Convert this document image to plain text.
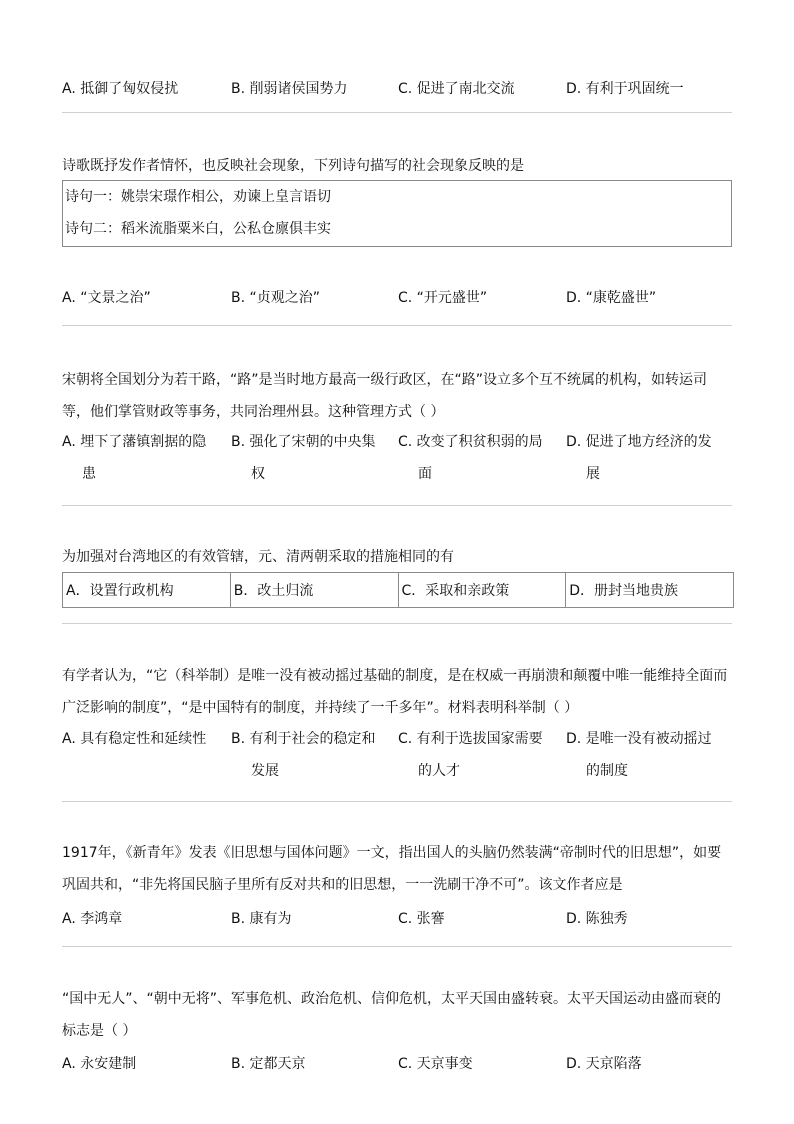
A. 抵御了匈奴侵扰	B. 削弱诸侯国势力	C. 促进了南北交流	D. 有利于巩固统一
诗歌既抒发作者情怀，也反映社会现象，下列诗句描写的社会现象反映的是

诗句一：姚崇宋璟作相公，劝谏上皇言语切

诗句二：稻米流脂粟米白，公私仓廪俱丰实

A. “文景之治”	B. “贞观之治”	C. “开元盛世”	D. “康乾盛世”
宋朝将全国划分为若干路，“路”是当时地方最高一级行政区，在“路”设立多个互不统属的机构，如转运司等，他们掌管财政等事务，共同治理州县。这种管理方式（ ）
A. 埋下了藩镇割据的隐
患
B. 强化了宋朝的中央集
权
C. 改变了积贫积弱的局
面
D. 促进了地方经济的发
展
为加强对台湾地区的有效管辖，元、清两朝采取的措施相同的有
A．设置行政机构	B．改土归流	C．采取和亲政策	D．册封当地贵族
有学者认为，“它（科举制）是唯一没有被动摇过基础的制度，是在权威一再崩溃和颠覆中唯一能维持全面而广泛影响的制度”，“是中国特有的制度，并持续了一千多年”。材料表明科举制（ ）
A. 具有稳定性和延续性	B. 有利于社会的稳定和
发展
C. 有利于选拔国家需要
的人才
D. 是唯一没有被动摇过
的制度
1917年，《新青年》发表《旧思想与国体问题》一文，指出国人的头脑仍然装满“帝制时代的旧思想”，如要巩固共和，“非先将国民脑子里所有反对共和的旧思想，一一洗刷干净不可”。该文作者应是
A. 李鸿章	B. 康有为	C. 张謇	D. 陈独秀
“国中无人”、“朝中无将”、军事危机、政治危机、信仰危机，太平天国由盛转衰。太平天国运动由盛而衰的标志是（ ）
A. 永安建制	B. 定都天京	C. 天京事变	D. 天京陷落
